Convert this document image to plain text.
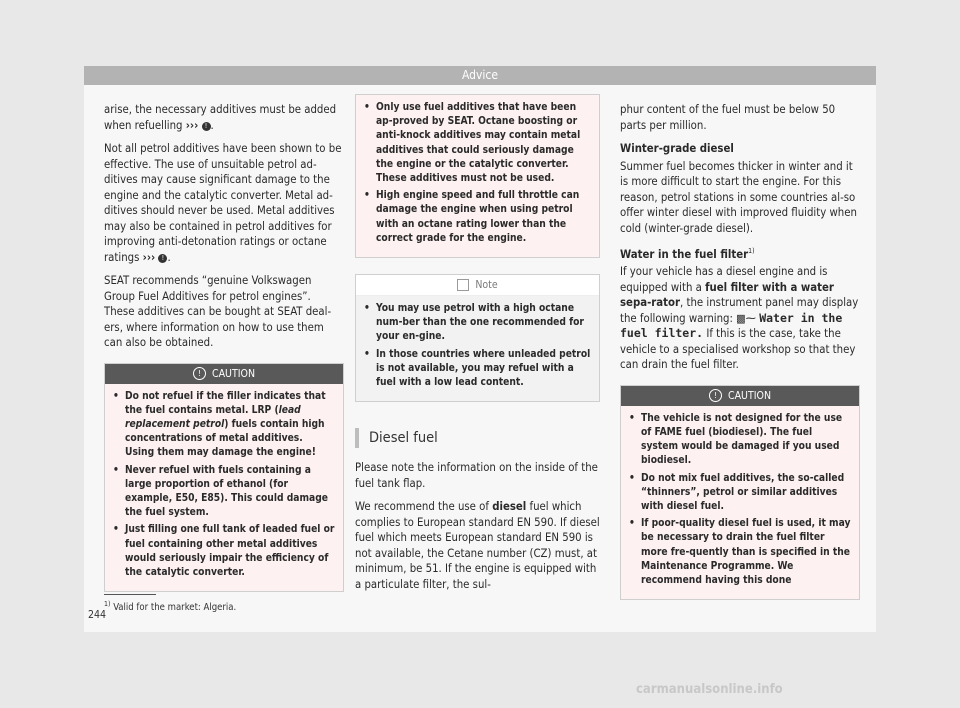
Advice

arise, the necessary additives must be added when refuelling ››› ! .

Not all petrol additives have been shown to be effective. The use of unsuitable petrol ad-ditives may cause significant damage to the engine and the catalytic converter. Metal ad-ditives should never be used. Metal additives may also be contained in petrol additives for improving anti-detonation ratings or octane ratings ››› ! .

SEAT recommends “genuine Volkswagen Group Fuel Additives for petrol engines”. These additives can be bought at SEAT deal-ers, where information on how to use them can also be obtained.

!	CAUTION
• Do not refuel if the filler indicates that the fuel contains metal. LRP (lead replacement petrol) fuels contain high concentrations of metal additives. Using them may damage the engine!
• Never refuel with fuels containing a large proportion of ethanol (for example, E50, E85). This could damage the fuel system.
• Just filling one full tank of leaded fuel or fuel containing other metal additives would seriously impair the efficiency of the catalytic converter.
• Only use fuel additives that have been ap-proved by SEAT. Octane boosting or anti-knock additives may contain metal additives that could seriously damage the engine or the catalytic converter. These additives must not be used.
• High engine speed and full throttle can damage the engine when using petrol with an octane rating lower than the correct grade for the engine.
Note
• You may use petrol with a high octane num-ber than the one recommended for your en-gine.
• In those countries where unleaded petrol is not available, you may refuel with a fuel with a low lead content.
Diesel fuel

Please note the information on the inside of the fuel tank flap.

We recommend the use of diesel fuel which complies to European standard EN 590. If diesel fuel which meets European standard EN 590 is not available, the Cetane number (CZ) must, at minimum, be 51. If the engine is equipped with a particulate filter, the sul-

phur content of the fuel must be below 50 parts per million.

Winter-grade diesel

Summer fuel becomes thicker in winter and it is more difficult to start the engine. For this reason, petrol stations in some countries al-so offer winter diesel with improved fluidity when cold (winter-grade diesel).

Water in the fuel filter$^{1)}$

If your vehicle has a diesel engine and is equipped with a fuel filter with a water sepa-rator, the instrument panel may display the following warning: ▩⁓ Water in the fuel filter. If this is the case, take the vehicle to a specialised workshop so that they can drain the fuel filter.

!	CAUTION
• The vehicle is not designed for the use of FAME fuel (biodiesel). The fuel system would be damaged if you used biodiesel.
• Do not mix fuel additives, the so-called “thinners”, petrol or similar additives with diesel fuel.
• If poor-quality diesel fuel is used, it may be necessary to drain the fuel filter more fre-quently than is specified in the Maintenance Programme. We recommend having this done
$^{1)}$ Valid for the market: Algeria.
244
carmanualsonline.info
